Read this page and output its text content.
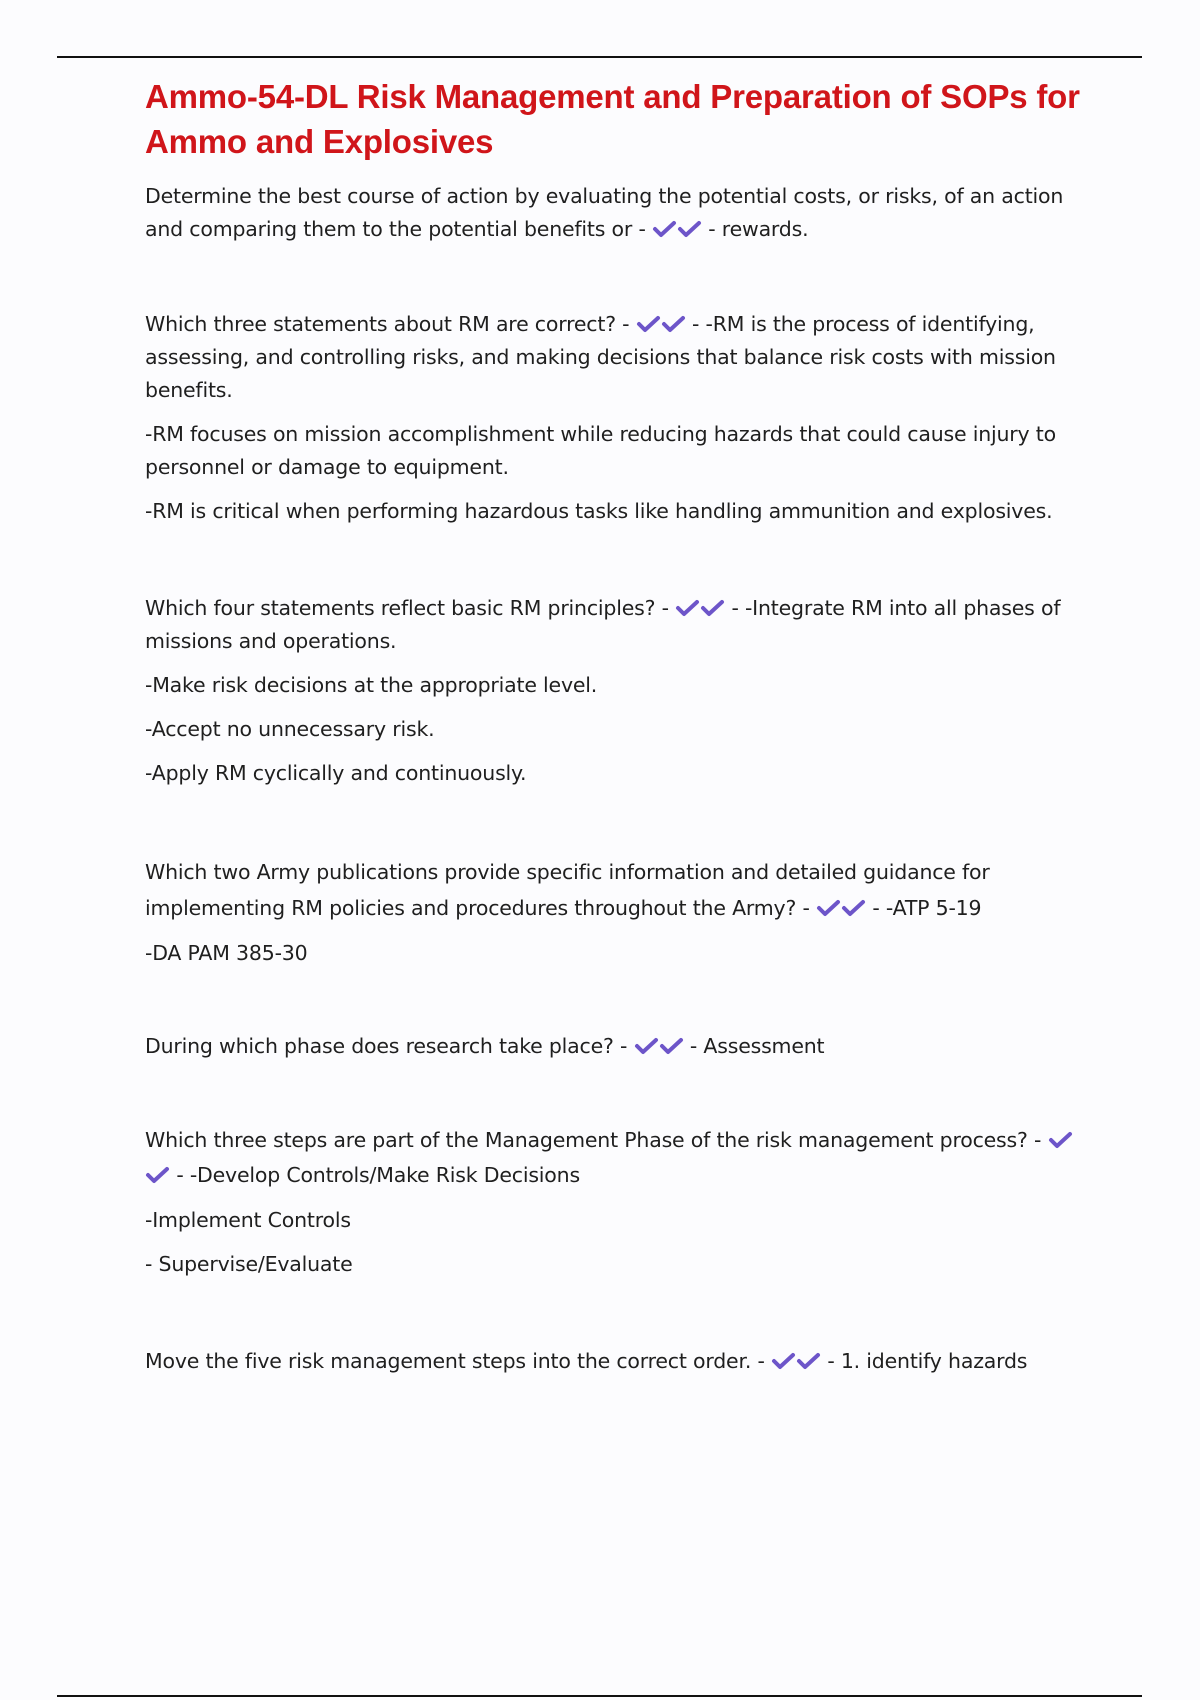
Ammo-54-DL Risk Management and Preparation of SOPs for Ammo and Explosives

Determine the best course of action by evaluating the potential costs, or risks, of an action and comparing them to the potential benefits or -	- rewards.

Which three statements about RM are correct? -	- -RM is the process of identifying, assessing, and controlling risks, and making decisions that balance risk costs with mission benefits.

-RM focuses on mission accomplishment while reducing hazards that could cause injury to personnel or damage to equipment.

-RM is critical when performing hazardous tasks like handling ammunition and explosives.

Which four statements reflect basic RM principles? -	- -Integrate RM into all phases of missions and operations.

-Make risk decisions at the appropriate level.

-Accept no unnecessary risk.

-Apply RM cyclically and continuously.

Which two Army publications provide specific information and detailed guidance for implementing RM policies and procedures throughout the Army? -	- -ATP 5-19

-DA PAM 385-30

During which phase does research take place? -	- Assessment

Which three steps are part of the Management Phase of the risk management process? -
- -Develop Controls/Make Risk Decisions

-Implement Controls

- Supervise/Evaluate

Move the five risk management steps into the correct order. -	- 1. identify hazards
